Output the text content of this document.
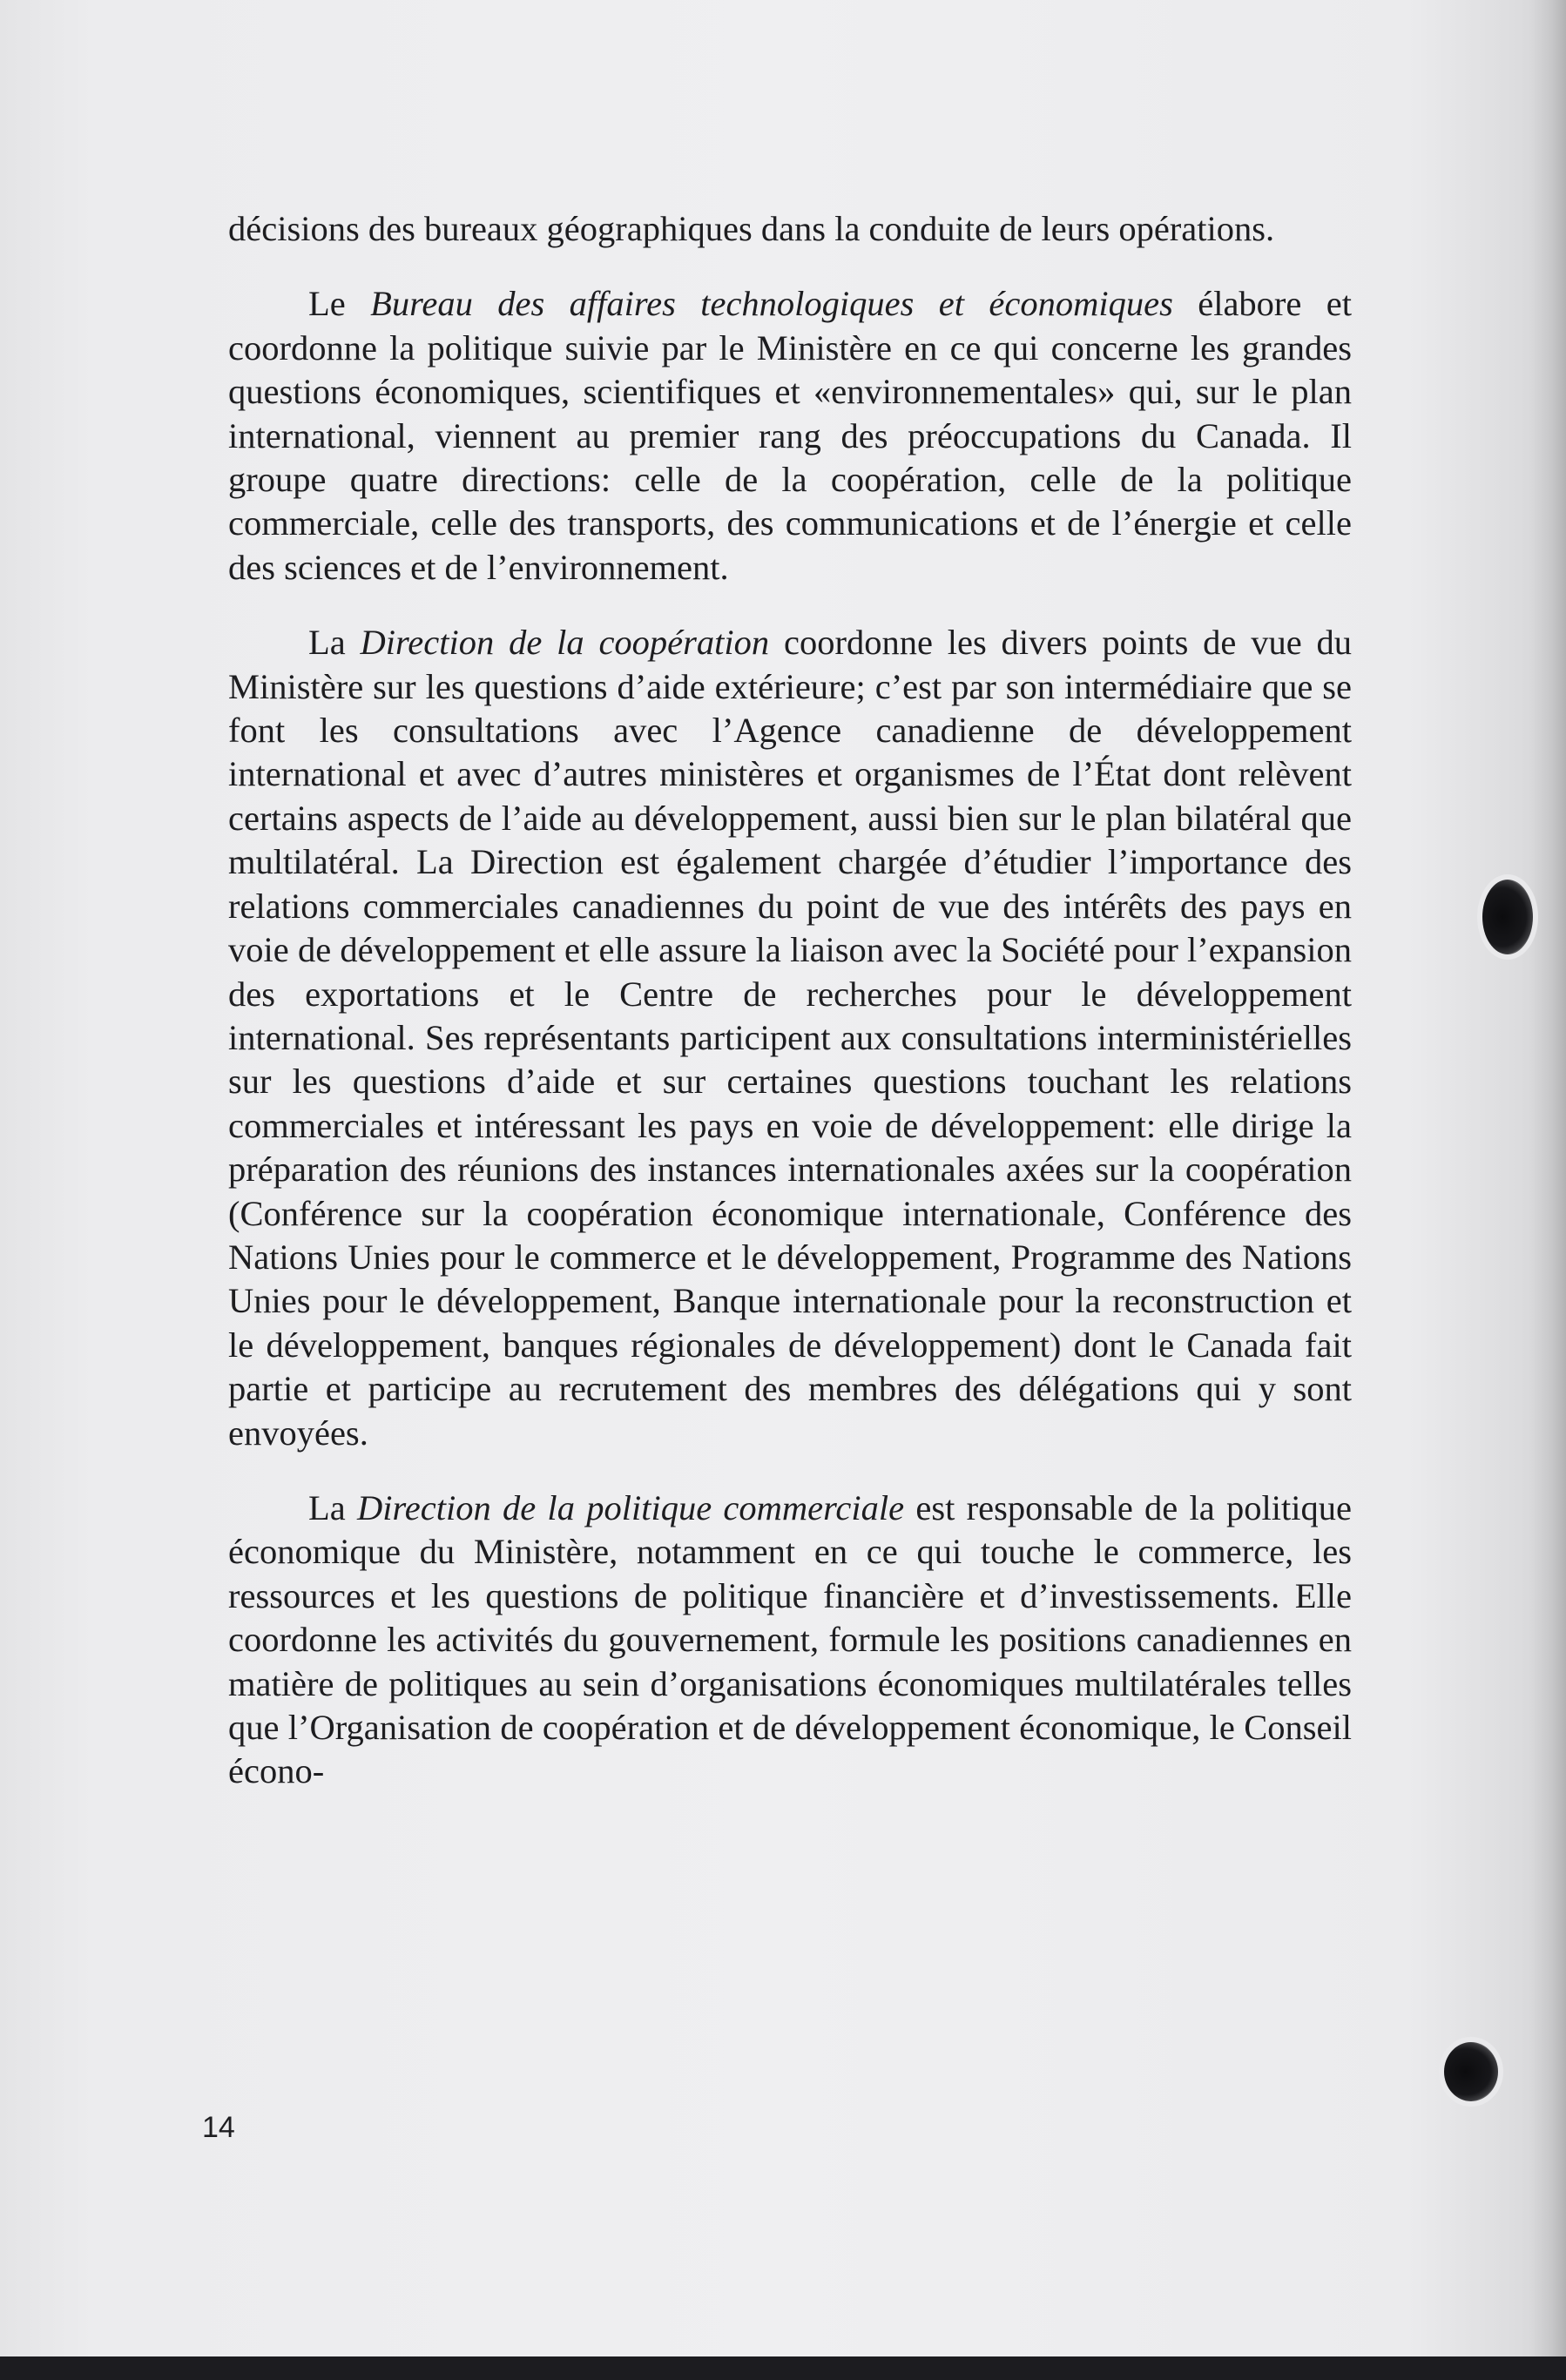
décisions des bureaux géographiques dans la conduite de leurs opérations.

Le Bureau des affaires technologiques et économiques élabore et coordonne la politique suivie par le Ministère en ce qui concerne les grandes questions économiques, scientifiques et «environnementales» qui, sur le plan international, viennent au premier rang des préoccupations du Canada. Il groupe quatre directions: celle de la coopération, celle de la politique commerciale, celle des transports, des communications et de l’énergie et celle des sciences et de l’environnement.

La Direction de la coopération coordonne les divers points de vue du Ministère sur les questions d’aide extérieure; c’est par son intermédiaire que se font les consultations avec l’Agence canadienne de développement international et avec d’autres ministères et organismes de l’État dont relèvent certains aspects de l’aide au développement, aussi bien sur le plan bilatéral que multilatéral. La Direction est également chargée d’étudier l’importance des relations commerciales canadiennes du point de vue des intérêts des pays en voie de développement et elle assure la liaison avec la Société pour l’expansion des exportations et le Centre de recherches pour le développement international. Ses représentants participent aux consultations interministérielles sur les questions d’aide et sur certaines questions touchant les relations commerciales et intéressant les pays en voie de développement: elle dirige la préparation des réunions des instances internationales axées sur la coopération (Conférence sur la coopération économique internationale, Conférence des Nations Unies pour le commerce et le développement, Programme des Nations Unies pour le développement, Banque internationale pour la reconstruction et le développement, banques régionales de développement) dont le Canada fait partie et participe au recrutement des membres des délégations qui y sont envoyées.

La Direction de la politique commerciale est responsable de la politique économique du Ministère, notamment en ce qui touche le commerce, les ressources et les questions de politique financière et d’investissements. Elle coordonne les activités du gouvernement, formule les positions canadiennes en matière de politiques au sein d’organisations économiques multilatérales telles que l’Organisation de coopération et de développement économique, le Conseil écono-

14
